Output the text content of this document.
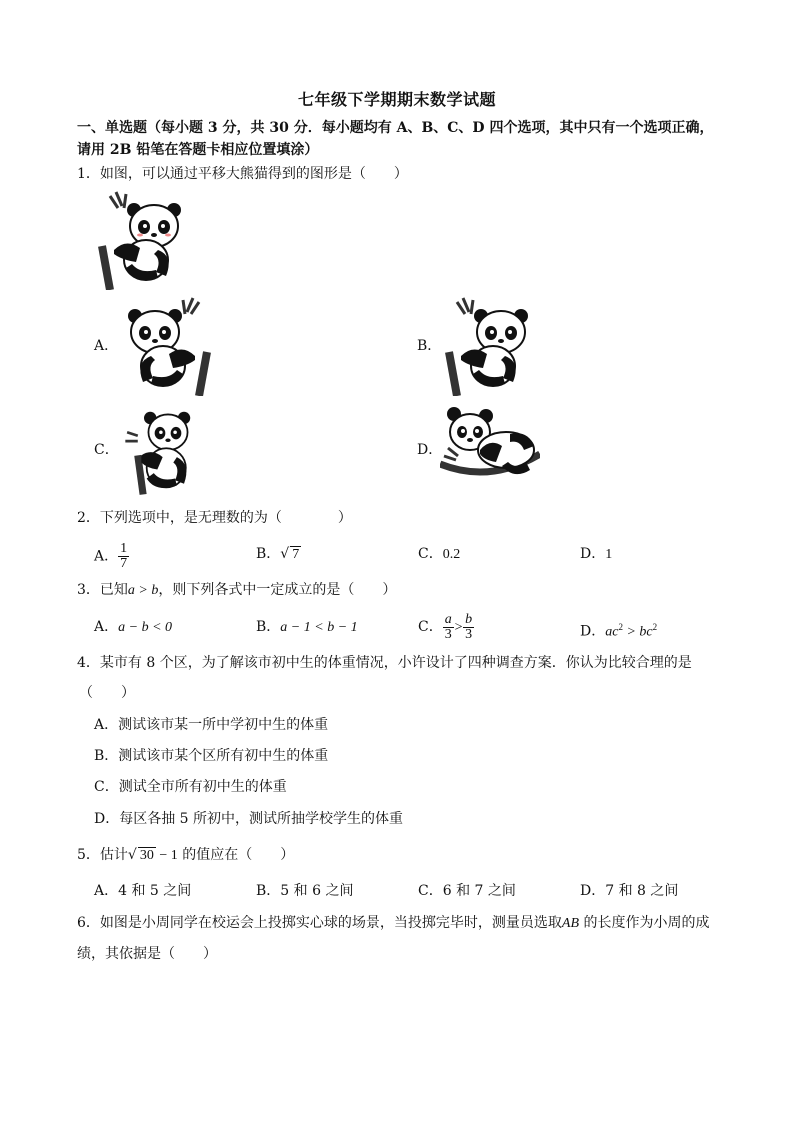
七年级下学期期末数学试题
一、单选题（每小题 3 分，共 30 分．每小题均有 A、B、C、D 四个选项，其中只有一个选项正确，
请用 2B 铅笔在答题卡相应位置填涂）
1．如图，可以通过平移大熊猫得到的图形是（　　）
A．	B．
C．	D．
2．下列选项中，是无理数的为（　　　　）
A． $\frac{1}{7}$	B．√ 7	C．0.2	D．1
3．已知a > b，则下列各式中一定成立的是（　　）
A．a − b < 0	B．a − 1 < b − 1	C． $\frac{a}{3} > \frac{b}{3}$	D．$ac^2 > bc^2$
4．某市有 8 个区，为了解该市初中生的体重情况，小许设计了四种调查方案．你认为比较合理的是
（　　）
A．测试该市某一所中学初中生的体重
B．测试该市某个区所有初中生的体重
C．测试全市所有初中生的体重
D．每区各抽 5 所初中，测试所抽学校学生的体重
5．估计√ 30 − 1 的值应在（　　）
A．4 和 5 之间	B．5 和 6 之间	C．6 和 7 之间	D．7 和 8 之间
6．如图是小周同学在校运会上投掷实心球的场景，当投掷完毕时，测量员选取AB 的长度作为小周的成
绩，其依据是（　　）
